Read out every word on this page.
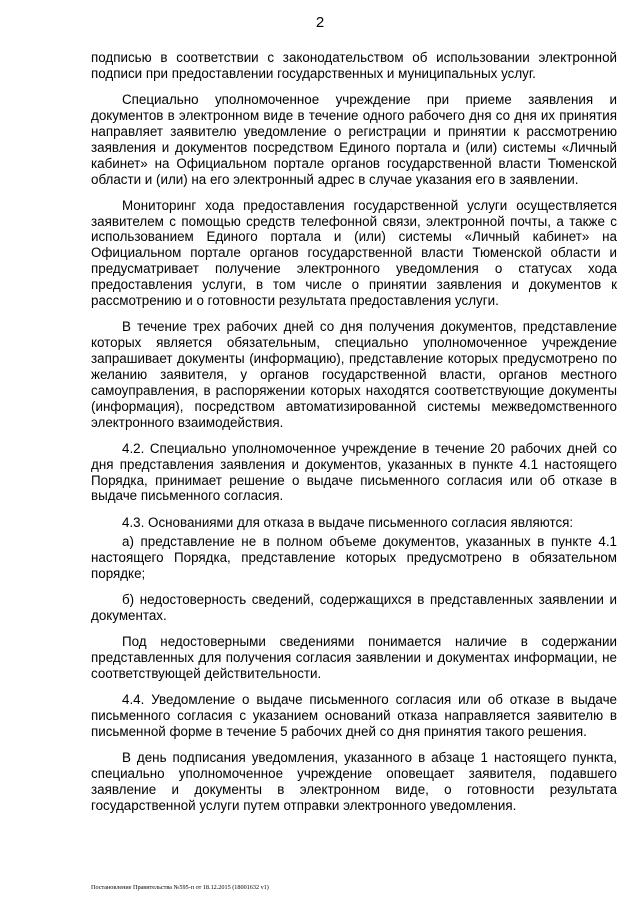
2

подписью в соответствии с законодательством об использовании электронной подписи при предоставлении государственных и муниципальных услуг.

Специально уполномоченное учреждение при приеме заявления и документов в электронном виде в течение одного рабочего дня со дня их принятия направляет заявителю уведомление о регистрации и принятии к рассмотрению заявления и документов посредством Единого портала и (или) системы «Личный кабинет» на Официальном портале органов государственной власти Тюменской области и (или) на его электронный адрес в случае указания его в заявлении.

Мониторинг хода предоставления государственной услуги осуществляется заявителем с помощью средств телефонной связи, электронной почты, а также с использованием Единого портала и (или) системы «Личный кабинет» на Официальном портале органов государственной власти Тюменской области и предусматривает получение электронного уведомления о статусах хода предоставления услуги, в том числе о принятии заявления и документов к рассмотрению и о готовности результата предоставления услуги.

В течение трех рабочих дней со дня получения документов, представление которых является обязательным, специально уполномоченное учреждение запрашивает документы (информацию), представление которых предусмотрено по желанию заявителя, у органов государственной власти, органов местного самоуправления, в распоряжении которых находятся соответствующие документы (информация), посредством автоматизированной системы межведомственного электронного взаимодействия.

4.2. Специально уполномоченное учреждение в течение 20 рабочих дней со дня представления заявления и документов, указанных в пункте 4.1 настоящего Порядка, принимает решение о выдаче письменного согласия или об отказе в выдаче письменного согласия.

4.3. Основаниями для отказа в выдаче письменного согласия являются:

а) представление не в полном объеме документов, указанных в пункте 4.1 настоящего Порядка, представление которых предусмотрено в обязательном порядке;

б) недостоверность сведений, содержащихся в представленных заявлении и документах.

Под недостоверными сведениями понимается наличие в содержании представленных для получения согласия заявлении и документах информации, не соответствующей действительности.

4.4. Уведомление о выдаче письменного согласия или об отказе в выдаче письменного согласия с указанием оснований отказа направляется заявителю в письменной форме в течение 5 рабочих дней со дня принятия такого решения.

В день подписания уведомления, указанного в абзаце 1 настоящего пункта, специально уполномоченное учреждение оповещает заявителя, подавшего заявление и документы в электронном виде, о готовности результата государственной услуги путем отправки электронного уведомления.

Постановление Правительства №595-п от 18.12.2015 (18001632 v1)
